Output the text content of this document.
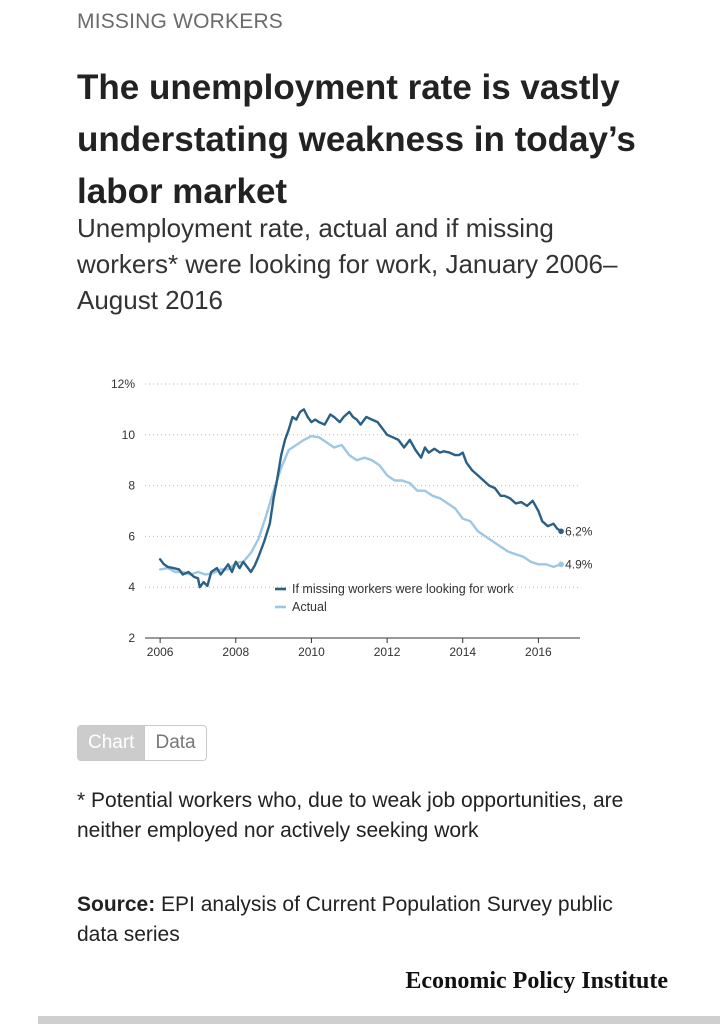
MISSING WORKERS
The unemployment rate is vastly understating weakness in today’s labor market

Unemployment rate, actual and if missing workers* were looking for work, January 2006–August 2016

2
4
6
8
10
12%
2006	2008	2010	2012	2014	2016
6.2%
4.9%
If missing workers were looking for work
Actual
Chart	Data

* Potential workers who, due to weak job opportunities, are neither employed nor actively seeking work

Source: EPI analysis of Current Population Survey public data series

Economic Policy Institute
